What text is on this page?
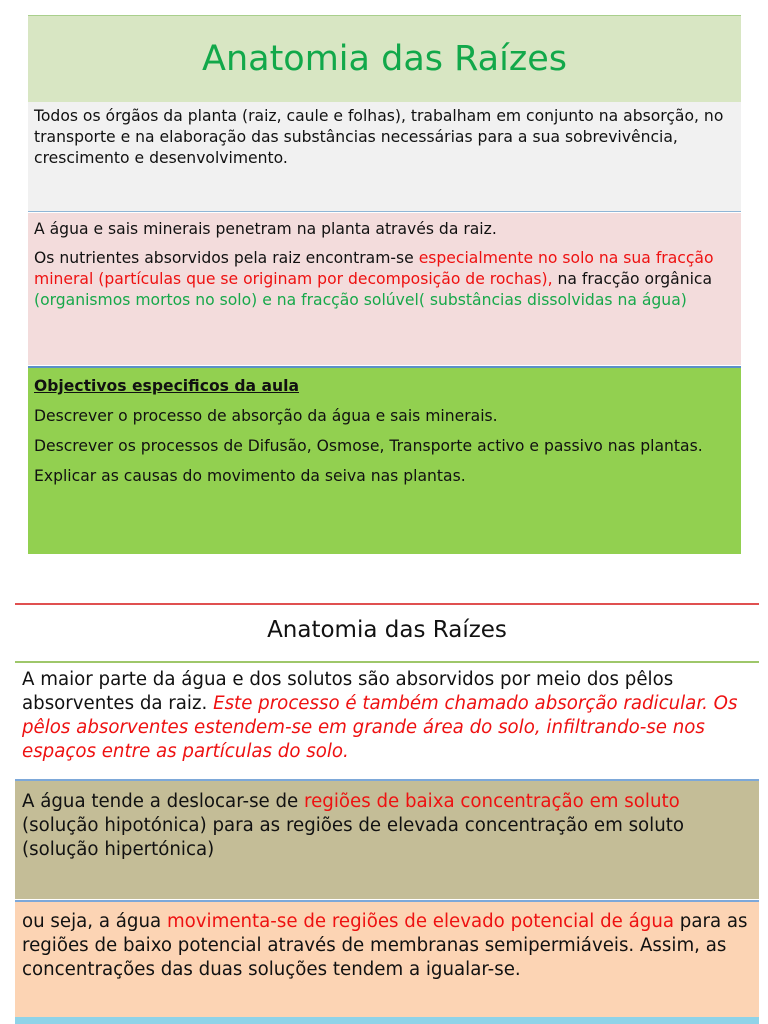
Anatomia das Raízes
Todos os órgãos da planta (raiz, caule e folhas), trabalham em conjunto na absorção, no transporte e na elaboração das substâncias necessárias para a sua sobrevivência, crescimento e desenvolvimento.

A água e sais minerais penetram na planta através da raiz.

Os nutrientes absorvidos pela raiz encontram-se especialmente no solo na sua fracção mineral (partículas que se originam por decomposição de rochas), na fracção orgânica (organismos mortos no solo) e na fracção solúvel( substâncias dissolvidas na água)

Objectivos especificos da aula

Descrever o processo de absorção da água e sais minerais.

Descrever os processos de Difusão, Osmose, Transporte activo e passivo nas plantas.

Explicar as causas do movimento da seiva nas plantas.

Anatomia das Raízes
A maior parte da água e dos solutos são absorvidos por meio dos pêlos absorventes da raiz. Este processo é também chamado absorção radicular. Os pêlos absorventes estendem-se em grande área do solo, infiltrando-se nos espaços entre as partículas do solo.
A água tende a deslocar-se de regiões de baixa concentração em soluto (solução hipotónica) para as regiões de elevada concentração em soluto (solução hipertónica)
ou seja, a água movimenta-se de regiões de elevado potencial de água para as regiões de baixo potencial através de membranas semipermiáveis. Assim, as concentrações das duas soluções tendem a igualar-se.
